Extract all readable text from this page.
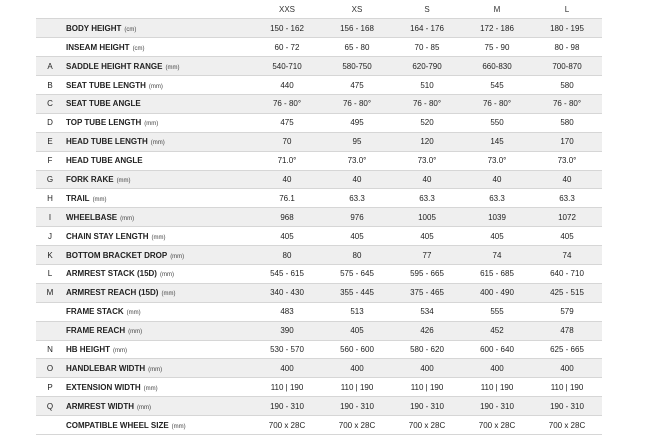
		XXS	XS	S	M	L
	BODY HEIGHT (cm)	150 - 162	156 - 168	164 - 176	172 - 186	180 - 195
	INSEAM HEIGHT (cm)	60 - 72	65 - 80	70 - 85	75 - 90	80 - 98
A	SADDLE HEIGHT RANGE (mm)	540-710	580-750	620-790	660-830	700-870
B	SEAT TUBE LENGTH (mm)	440	475	510	545	580
C	SEAT TUBE ANGLE	76 - 80°	76 - 80°	76 - 80°	76 - 80°	76 - 80°
D	TOP TUBE LENGTH (mm)	475	495	520	550	580
E	HEAD TUBE LENGTH (mm)	70	95	120	145	170
F	HEAD TUBE ANGLE	71.0°	73.0°	73.0°	73.0°	73.0°
G	FORK RAKE (mm)	40	40	40	40	40
H	TRAIL (mm)	76.1	63.3	63.3	63.3	63.3
I	WHEELBASE (mm)	968	976	1005	1039	1072
J	CHAIN STAY LENGTH (mm)	405	405	405	405	405
K	BOTTOM BRACKET DROP (mm)	80	80	77	74	74
L	ARMREST STACK (15D) (mm)	545 - 615	575 - 645	595 - 665	615 - 685	640 - 710
M	ARMREST REACH (15D) (mm)	340 - 430	355 - 445	375 - 465	400 - 490	425 - 515
	FRAME STACK (mm)	483	513	534	555	579
	FRAME REACH (mm)	390	405	426	452	478
N	HB HEIGHT (mm)	530 - 570	560 - 600	580 - 620	600 - 640	625 - 665
O	HANDLEBAR WIDTH (mm)	400	400	400	400	400
P	EXTENSION WIDTH (mm)	110 | 190	110 | 190	110 | 190	110 | 190	110 | 190
Q	ARMREST WIDTH (mm)	190 - 310	190 - 310	190 - 310	190 - 310	190 - 310
	COMPATIBLE WHEEL SIZE (mm)	700 x 28C	700 x 28C	700 x 28C	700 x 28C	700 x 28C
